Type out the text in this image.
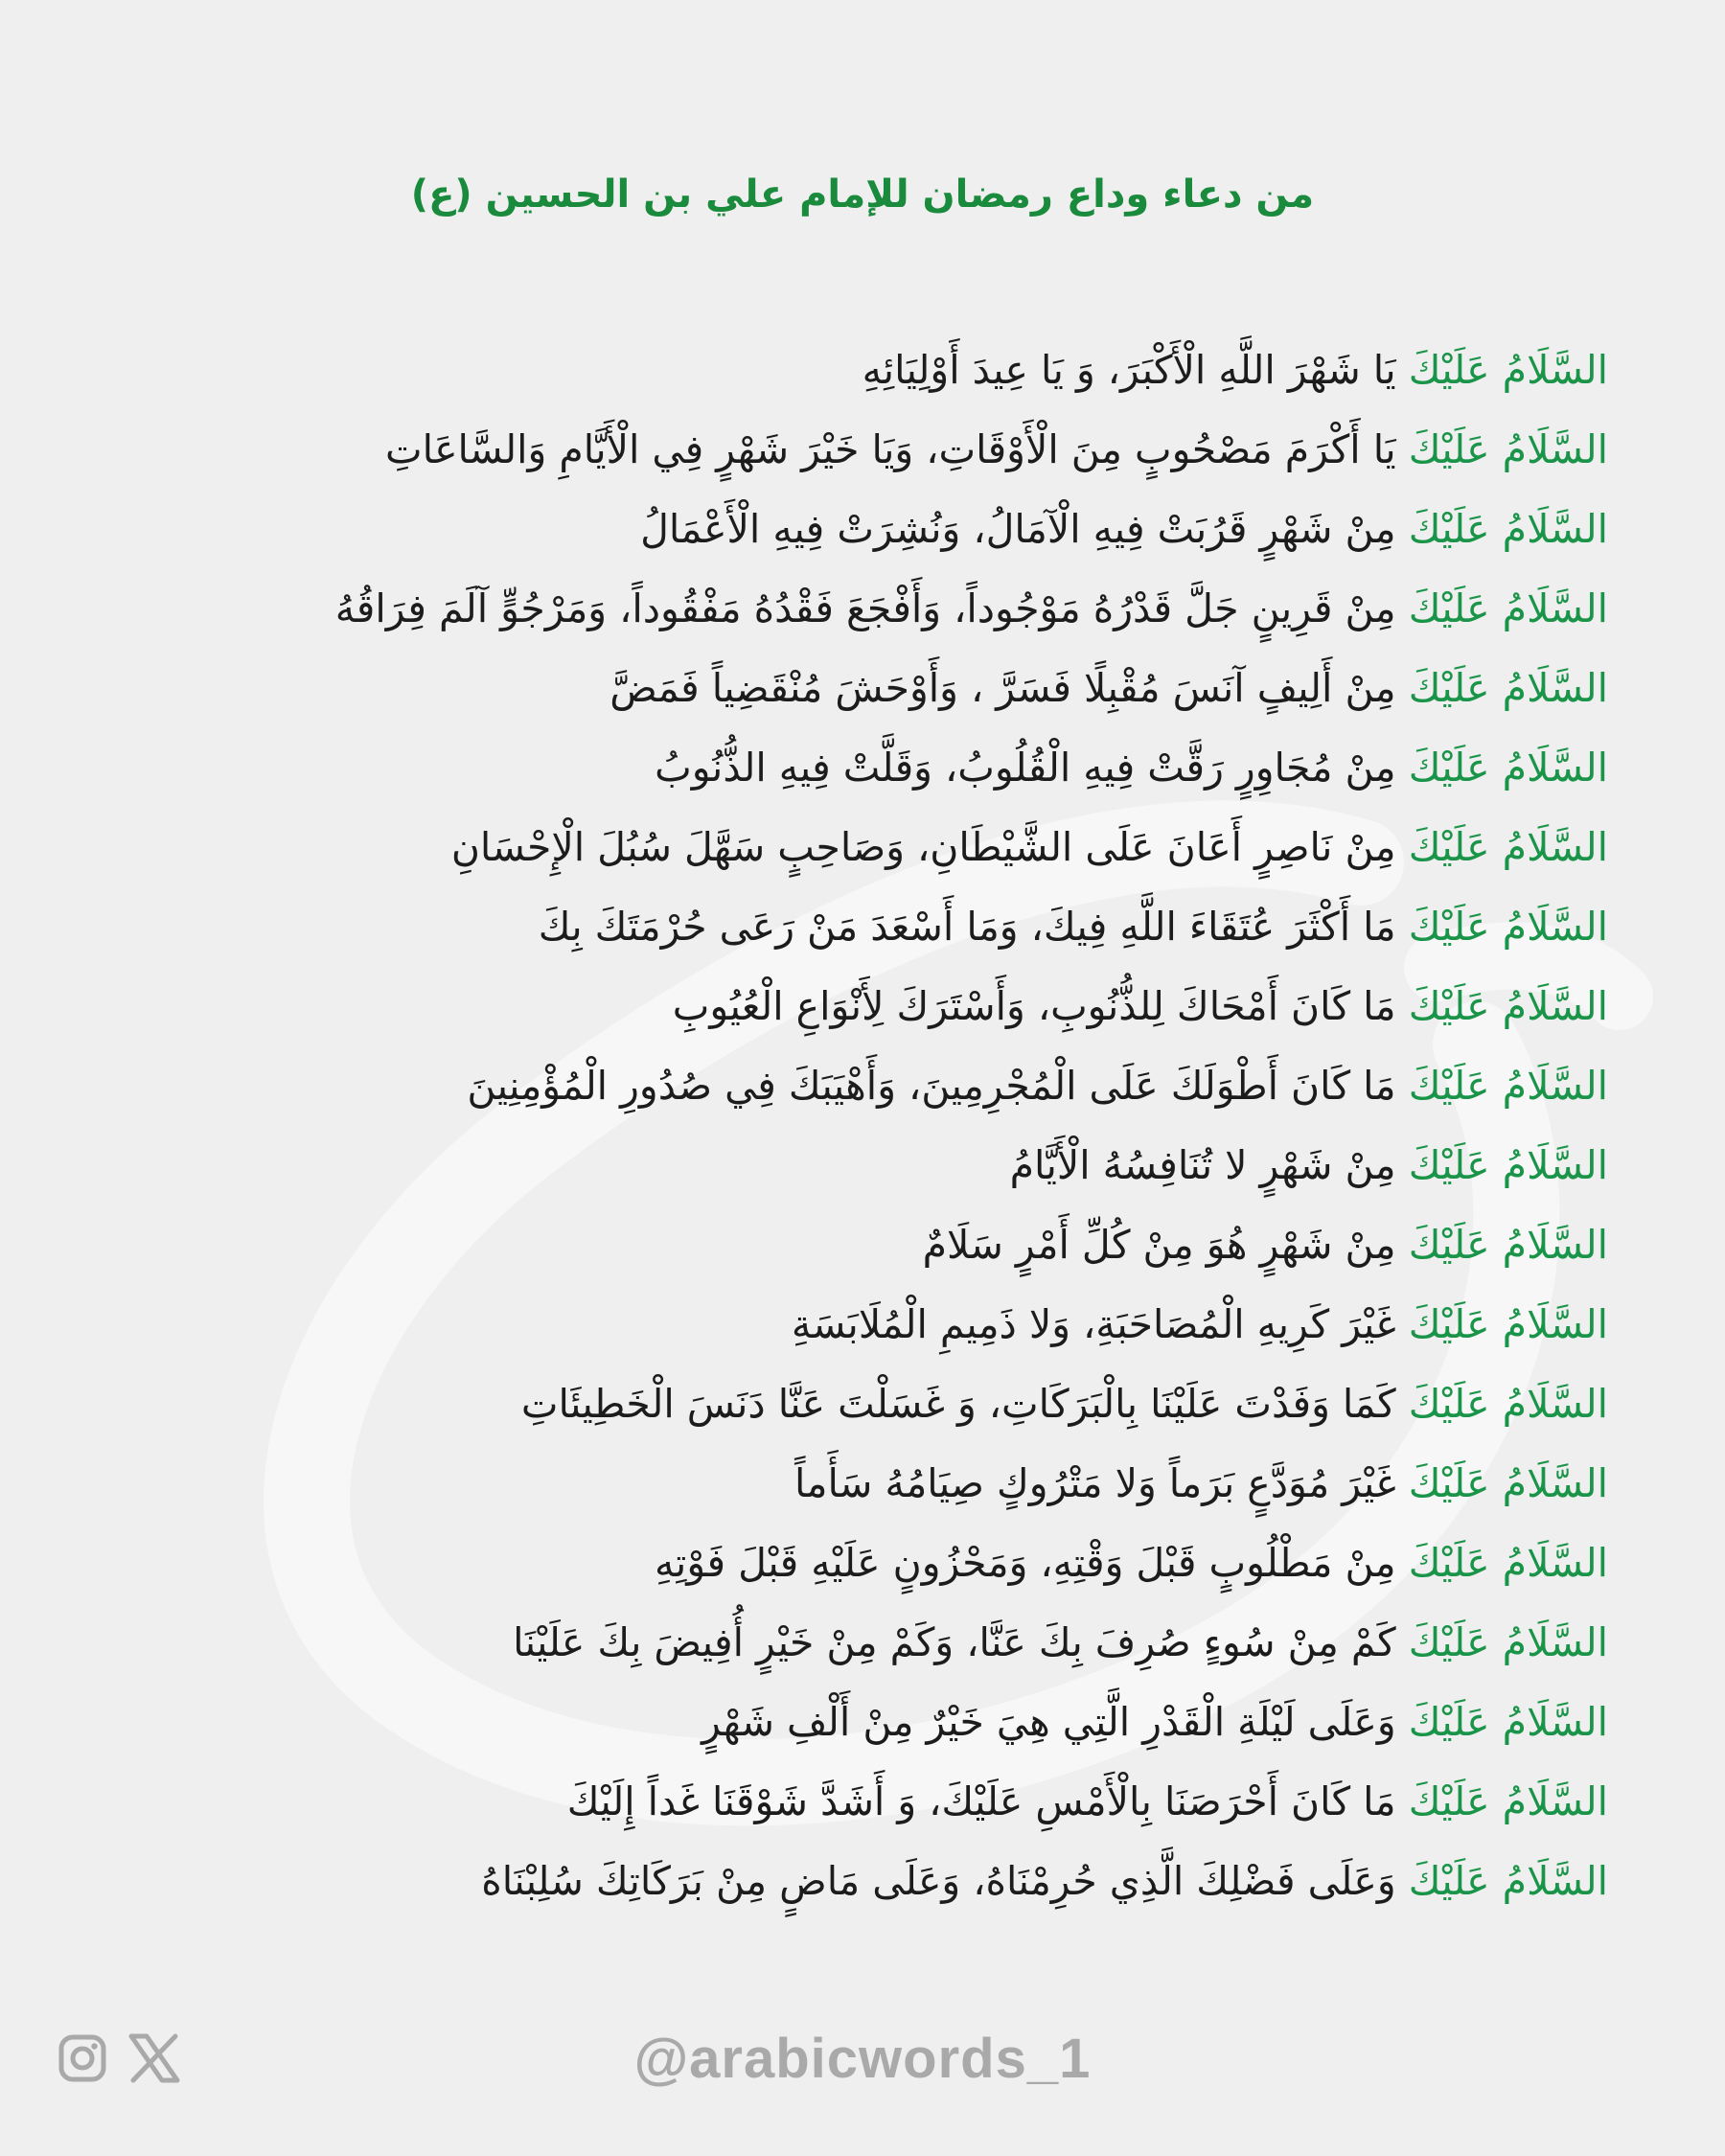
من دعاء وداع رمضان للإمام علي بن الحسين (ع)
السَّلَامُ عَلَيْكَ يَا شَهْرَ اللَّهِ الْأَكْبَرَ، وَ يَا عِيدَ أَوْلِيَائِهِ
السَّلَامُ عَلَيْكَ يَا أَكْرَمَ مَصْحُوبٍ مِنَ الْأَوْقَاتِ، وَيَا خَيْرَ شَهْرٍ فِي الْأَيَّامِ وَالسَّاعَاتِ
السَّلَامُ عَلَيْكَ مِنْ شَهْرٍ قَرُبَتْ فِيهِ الْآمَالُ، وَنُشِرَتْ فِيهِ الْأَعْمَالُ
السَّلَامُ عَلَيْكَ مِنْ قَرِينٍ جَلَّ قَدْرُهُ مَوْجُوداً، وَأَفْجَعَ فَقْدُهُ مَفْقُوداً، وَمَرْجُوٍّ آلَمَ فِرَاقُهُ
السَّلَامُ عَلَيْكَ مِنْ أَلِيفٍ آنَسَ مُقْبِلًا فَسَرَّ ، وَأَوْحَشَ مُنْقَضِياً فَمَضَّ
السَّلَامُ عَلَيْكَ مِنْ مُجَاوِرٍ رَقَّتْ فِيهِ الْقُلُوبُ، وَقَلَّتْ فِيهِ الذُّنُوبُ
السَّلَامُ عَلَيْكَ مِنْ نَاصِرٍ أَعَانَ عَلَى الشَّيْطَانِ، وَصَاحِبٍ سَهَّلَ سُبُلَ الْإِحْسَانِ
السَّلَامُ عَلَيْكَ مَا أَكْثَرَ عُتَقَاءَ اللَّهِ فِيكَ، وَمَا أَسْعَدَ مَنْ رَعَى حُرْمَتَكَ بِكَ
السَّلَامُ عَلَيْكَ مَا كَانَ أَمْحَاكَ لِلذُّنُوبِ، وَأَسْتَرَكَ لِأَنْوَاعِ الْعُيُوبِ
السَّلَامُ عَلَيْكَ مَا كَانَ أَطْوَلَكَ عَلَى الْمُجْرِمِينَ، وَأَهْيَبَكَ فِي صُدُورِ الْمُؤْمِنِينَ
السَّلَامُ عَلَيْكَ مِنْ شَهْرٍ لا تُنَافِسُهُ الْأَيَّامُ
السَّلَامُ عَلَيْكَ مِنْ شَهْرٍ هُوَ مِنْ كُلِّ أَمْرٍ سَلَامٌ
السَّلَامُ عَلَيْكَ غَيْرَ كَرِيهِ الْمُصَاحَبَةِ، وَلا ذَمِيمِ الْمُلَابَسَةِ
السَّلَامُ عَلَيْكَ كَمَا وَفَدْتَ عَلَيْنَا بِالْبَرَكَاتِ، وَ غَسَلْتَ عَنَّا دَنَسَ الْخَطِيئَاتِ
السَّلَامُ عَلَيْكَ غَيْرَ مُوَدَّعٍ بَرَماً وَلا مَتْرُوكٍ صِيَامُهُ سَأَماً
السَّلَامُ عَلَيْكَ مِنْ مَطْلُوبٍ قَبْلَ وَقْتِهِ، وَمَحْزُونٍ عَلَيْهِ قَبْلَ فَوْتِهِ
السَّلَامُ عَلَيْكَ كَمْ مِنْ سُوءٍ صُرِفَ بِكَ عَنَّا، وَكَمْ مِنْ خَيْرٍ أُفِيضَ بِكَ عَلَيْنَا
السَّلَامُ عَلَيْكَ وَعَلَى لَيْلَةِ الْقَدْرِ الَّتِي هِيَ خَيْرٌ مِنْ أَلْفِ شَهْرٍ
السَّلَامُ عَلَيْكَ مَا كَانَ أَحْرَصَنَا بِالْأَمْسِ عَلَيْكَ، وَ أَشَدَّ شَوْقَنَا غَداً إِلَيْكَ
السَّلَامُ عَلَيْكَ وَعَلَى فَضْلِكَ الَّذِي حُرِمْنَاهُ، وَعَلَى مَاضٍ مِنْ بَرَكَاتِكَ سُلِبْنَاهُ
@arabicwords_1
